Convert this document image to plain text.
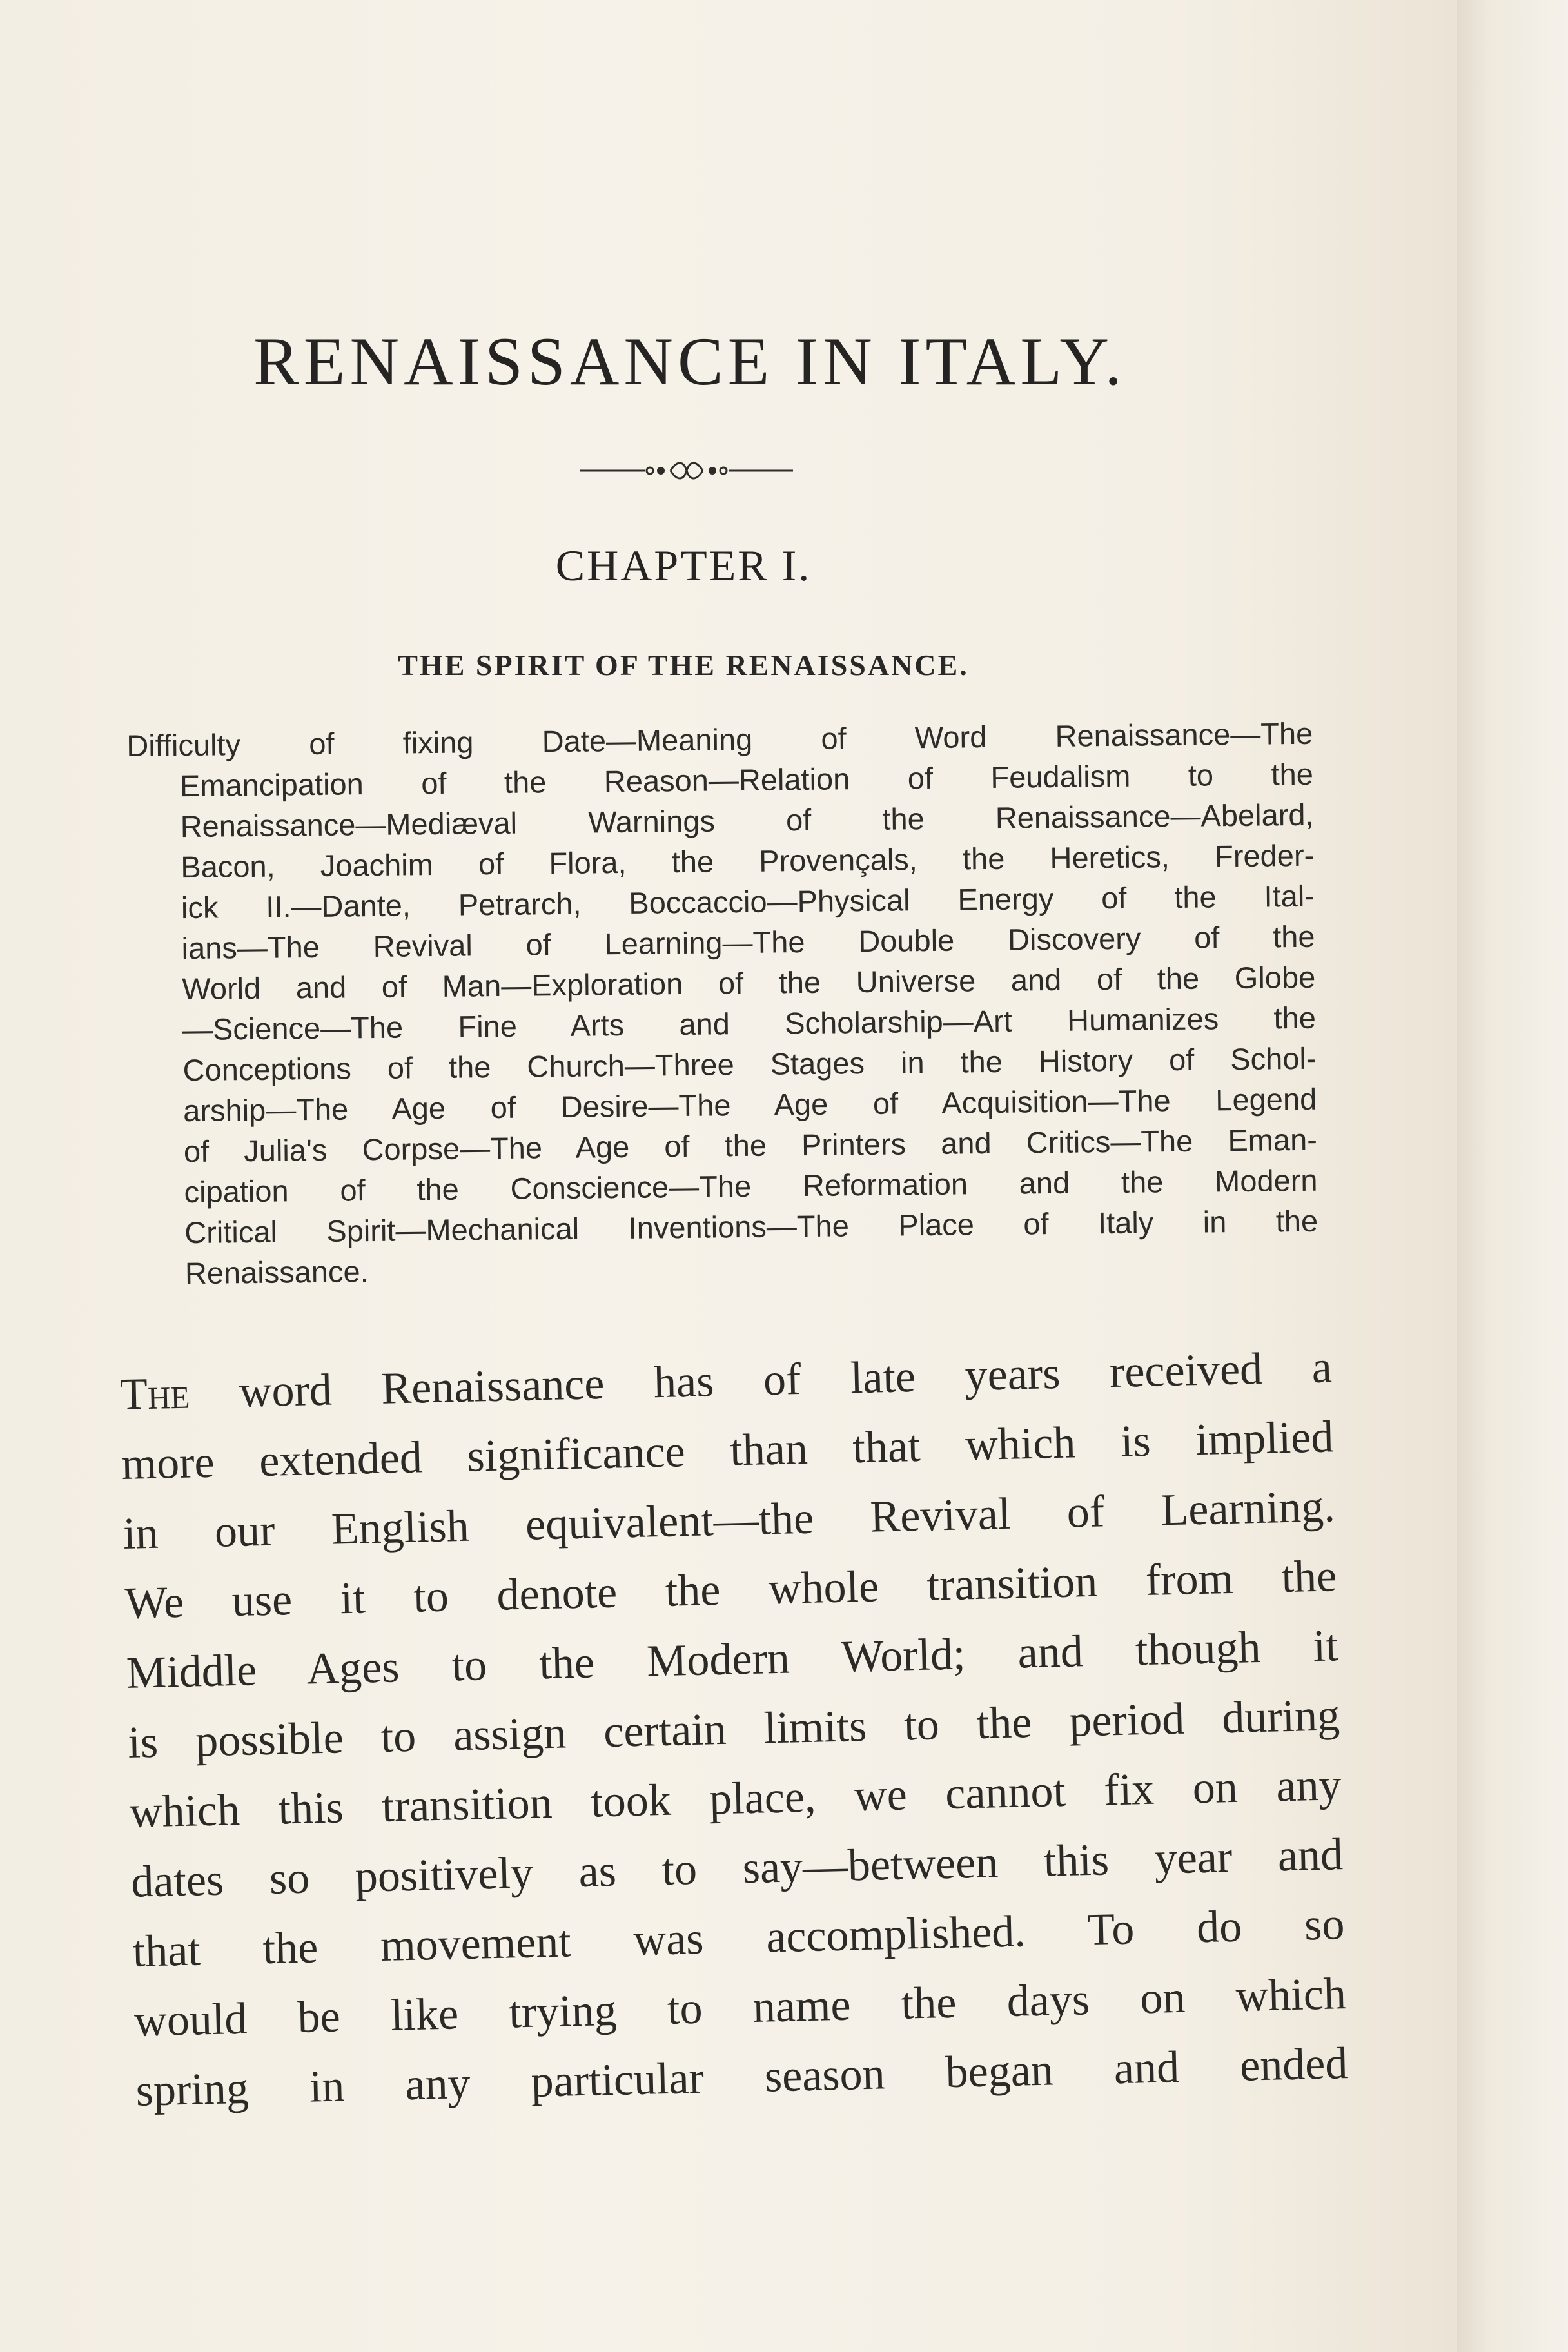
RENAISSANCE IN ITALY.
CHAPTER I.
THE SPIRIT OF THE RENAISSANCE.
Difficulty of fixing Date—Meaning of Word Renaissance—The
Emancipation of the Reason—Relation of Feudalism to the
Renaissance—Mediæval Warnings of the Renaissance—Abelard,
Bacon, Joachim of Flora, the Provençals, the Heretics, Freder-
ick II.—Dante, Petrarch, Boccaccio—Physical Energy of the Ital-
ians—The Revival of Learning—The Double Discovery of the
World and of Man—Exploration of the Universe and of the Globe
—Science—The Fine Arts and Scholarship—Art Humanizes the
Conceptions of the Church—Three Stages in the History of Schol-
arship—The Age of Desire—The Age of Acquisition—The Legend
of Julia's Corpse—The Age of the Printers and Critics—The Eman-
cipation of the Conscience—The Reformation and the Modern
Critical Spirit—Mechanical Inventions—The Place of Italy in the
Renaissance.
The word Renaissance has of late years received a
more extended significance than that which is implied
in our English equivalent—the Revival of Learning.
We use it to denote the whole transition from the
Middle Ages to the Modern World; and though it
is possible to assign certain limits to the period during
which this transition took place, we cannot fix on any
dates so positively as to say—between this year and
that the movement was accomplished. To do so
would be like trying to name the days on which
spring in any particular season began and ended
